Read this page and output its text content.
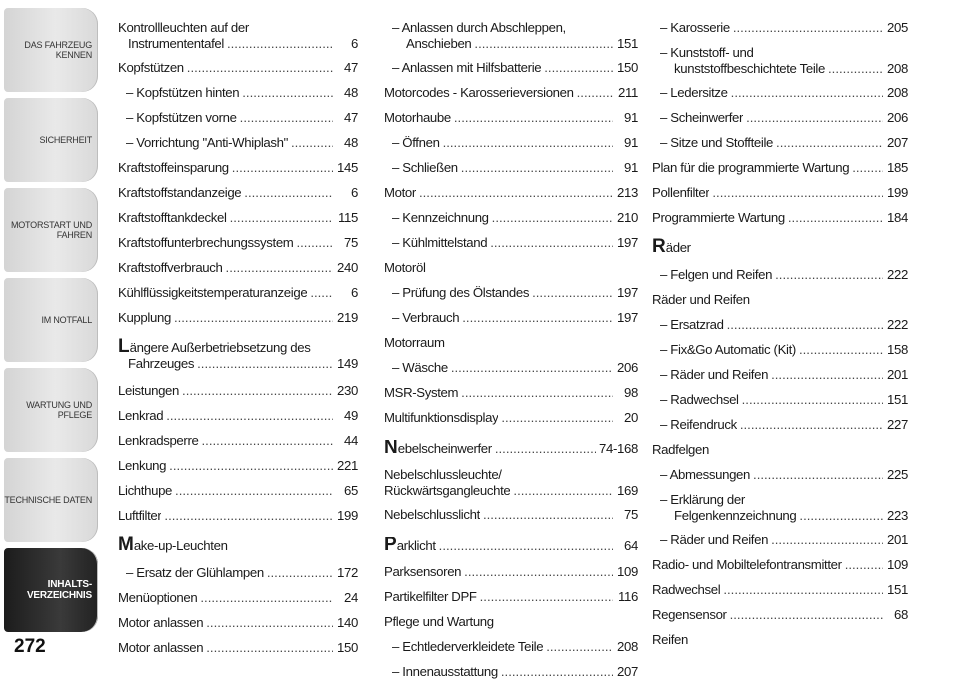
DAS FAHRZEUG
KENNEN
SICHERHEIT
MOTORSTART UND
FAHREN
IM NOTFALL
WARTUNG UND
PFLEGE
TECHNISCHE DATEN
INHALTS-
VERZEICHNIS
272
Kontrollleuchten auf der
Instrumententafel .....	6
Kopfstützen .....	47
– Kopfstützen hinten .....	48
– Kopfstützen vorne .....	47
– Vorrichtung "Anti-Whiplash" .....	48
Kraftstoffeinsparung .....	145
Kraftstoffstandanzeige .....	6
Kraftstofftankdeckel .....	115
Kraftstoffunterbrechungssystem .....	75
Kraftstoffverbrauch .....	240
Kühlflüssigkeitstemperaturanzeige .....	6
Kupplung .....	219
Längere Außerbetriebsetzung des
Fahrzeuges .....	149
Leistungen .....	230
Lenkrad .....	49
Lenkradsperre .....	44
Lenkung .....	221
Lichthupe .....	65
Luftfilter .....	199
Make-up-Leuchten
– Ersatz der Glühlampen .....	172
Menüoptionen .....	24
Motor anlassen .....	140
Motor anlassen .....	150
– Anlassen durch Abschleppen,
Anschieben .....	151
– Anlassen mit Hilfsbatterie .....	150
Motorcodes - Karosserieversionen .....	211
Motorhaube .....	91
– Öffnen .....	91
– Schließen .....	91
Motor .....	213
– Kennzeichnung .....	210
– Kühlmittelstand .....	197
Motoröl
– Prüfung des Ölstandes .....	197
– Verbrauch .....	197
Motorraum
– Wäsche .....	206
MSR-System .....	98
Multifunktionsdisplay .....	20
Nebelscheinwerfer .....	74-168
Nebelschlussleuchte/
Rückwärtsgangleuchte .....	169
Nebelschlusslicht .....	75
Parklicht .....	64
Parksensoren .....	109
Partikelfilter DPF .....	116
Pflege und Wartung
– Echtlederverkleidete Teile .....	208
– Innenausstattung .....	207
– Karosserie .....	205
– Kunststoff- und
kunststoffbeschichtete Teile .....	208
– Ledersitze .....	208
– Scheinwerfer .....	206
– Sitze und Stoffteile .....	207
Plan für die programmierte Wartung .....	185
Pollenfilter .....	199
Programmierte Wartung .....	184
Räder
– Felgen und Reifen .....	222
Räder und Reifen
– Ersatzrad .....	222
– Fix&Go Automatic (Kit) .....	158
– Räder und Reifen .....	201
– Radwechsel .....	151
– Reifendruck .....	227
Radfelgen
– Abmessungen .....	225
– Erklärung der
Felgenkennzeichnung .....	223
– Räder und Reifen .....	201
Radio- und Mobiltelefontransmitter .....	109
Radwechsel .....	151
Regensensor .....	68
Reifen
